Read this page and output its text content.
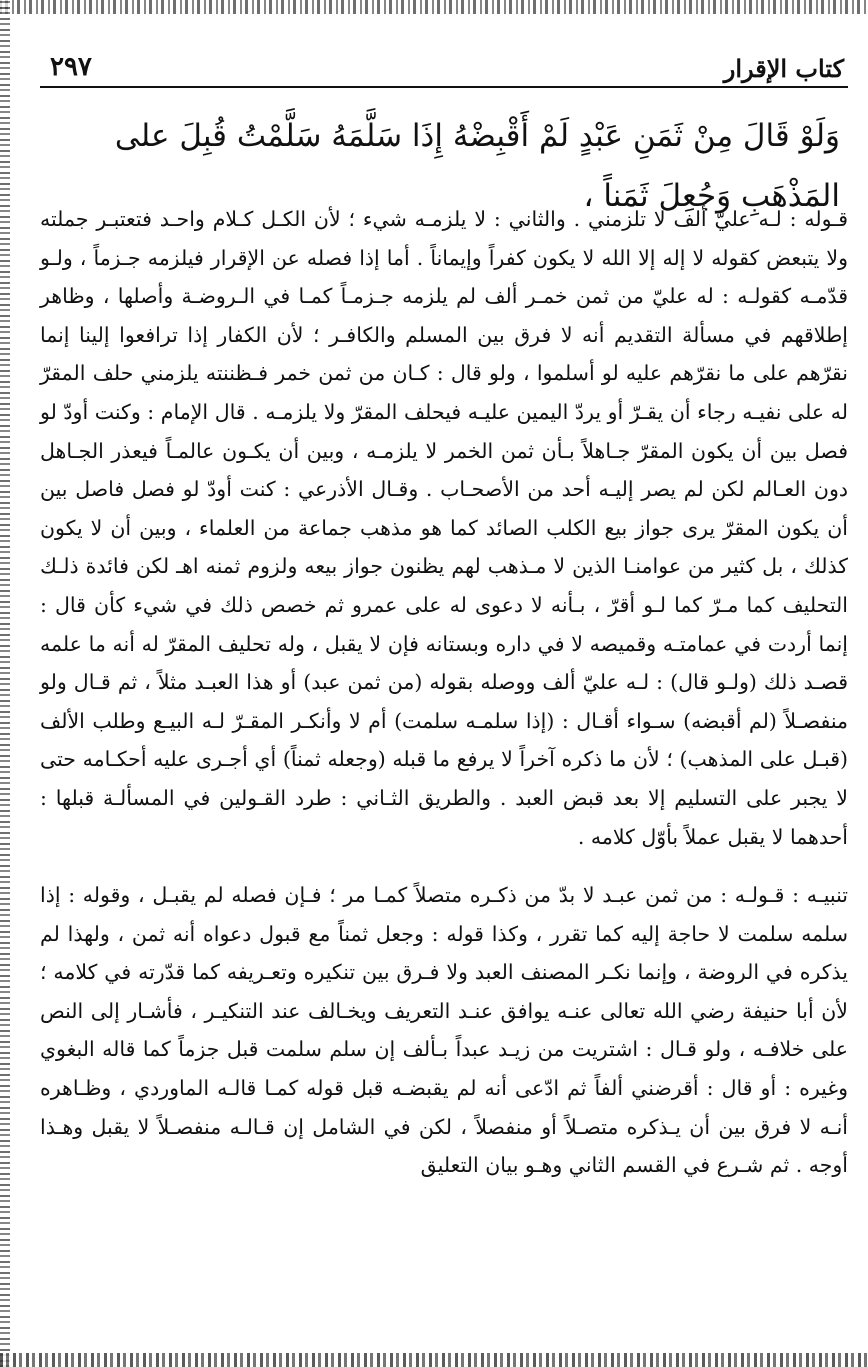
كتاب الإقرار
٢٩٧
وَلَوْ قَالَ مِنْ ثَمَنِ عَبْدٍ لَمْ أَقْبِضْهُ إِذَا سَلَّمَهُ سَلَّمْتُ قُبِلَ على المَذْهَبِ وَجُعِلَ ثَمَناً ،

قـوله : لـه عليّ ألف لا تلزمني . والثاني : لا يلزمـه شيء ؛ لأن الكـل كـلام واحـد فتعتبـر جملته ولا يتبعض كقوله لا إله إلا الله لا يكون كفراً وإيماناً . أما إذا فصله عن الإقرار فيلزمه جـزماً ، ولـو قدّمـه كقولـه : له عليّ من ثمن خمـر ألف لم يلزمه جـزمـاً كمـا في الـروضـة وأصلها ، وظاهر إطلاقهم في مسألة التقديم أنه لا فرق بين المسلم والكافـر ؛ لأن الكفار إذا ترافعوا إلينا إنما نقرّهم على ما نقرّهم عليه لو أسلموا ، ولو قال : كـان من ثمن خمر فـظننته يلزمني حلف المقرّ له على نفيـه رجاء أن يقـرّ أو يردّ اليمين عليـه فيحلف المقرّ ولا يلزمـه . قال الإمام : وكنت أودّ لو فصل بين أن يكون المقرّ جـاهلاً بـأن ثمن الخمر لا يلزمـه ، وبين أن يكـون عالمـاً فيعذر الجـاهل دون العـالم لكن لم يصر إليـه أحد من الأصحـاب . وقـال الأذرعي : كنت أودّ لو فصل فاصل بين أن يكون المقرّ يرى جواز بيع الكلب الصائد كما هو مذهب جماعة من العلماء ، وبين أن لا يكون كذلك ، بل كثير من عوامنـا الذين لا مـذهب لهم يظنون جواز بيعه ولزوم ثمنه اهـ لكن فائدة ذلـك التحليف كما مـرّ كما لـو أقرّ ، بـأنه لا دعوى له على عمرو ثم خصص ذلك في شيء كأن قال : إنما أردت في عمامتـه وقميصه لا في داره وبستانه فإن لا يقبل ، وله تحليف المقرّ له أنه ما علمه قصـد ذلك (ولـو قال) : لـه عليّ ألف ووصله بقوله (من ثمن عبد) أو هذا العبـد مثلاً ، ثم قـال ولو منفصـلاً (لم أقبضه) سـواء أقـال : (إذا سلمـه سلمت) أم لا وأنكـر المقـرّ لـه البيـع وطلب الألف (قبـل على المذهب) ؛ لأن ما ذكره آخراً لا يرفع ما قبله (وجعله ثمناً) أي أجـرى عليه أحكـامه حتى لا يجبر على التسليم إلا بعد قبض العبد . والطريق الثـاني : طرد القـولين في المسألـة قبلها : أحدهما لا يقبل عملاً بأوّل كلامه .

تنبيـه : قـولـه : من ثمن عبـد لا بدّ من ذكـره متصلاً كمـا مر ؛ فـإن فصله لم يقبـل ، وقوله : إذا سلمه سلمت لا حاجة إليه كما تقرر ، وكذا قوله : وجعل ثمناً مع قبول دعواه أنه ثمن ، ولهذا لم يذكره في الروضة ، وإنما نكـر المصنف العبد ولا فـرق بين تنكيره وتعـريفه كما قدّرته في كلامه ؛ لأن أبا حنيفة رضي الله تعالى عنـه يوافق عنـد التعريف ويخـالف عند التنكيـر ، فأشـار إلى النص على خلافـه ، ولو قـال : اشتريت من زيـد عبداً بـألف إن سلم سلمت قبل جزماً كما قاله البغوي وغيره : أو قال : أقرضني ألفاً ثم ادّعى أنه لم يقبضـه قبل قوله كمـا قالـه الماوردي ، وظـاهره أنـه لا فرق بين أن يـذكره متصـلاً أو منفصلاً ، لكن في الشامل إن قـالـه منفصـلاً لا يقبل وهـذا أوجه . ثم شـرع في القسم الثاني وهـو بيان التعليق
